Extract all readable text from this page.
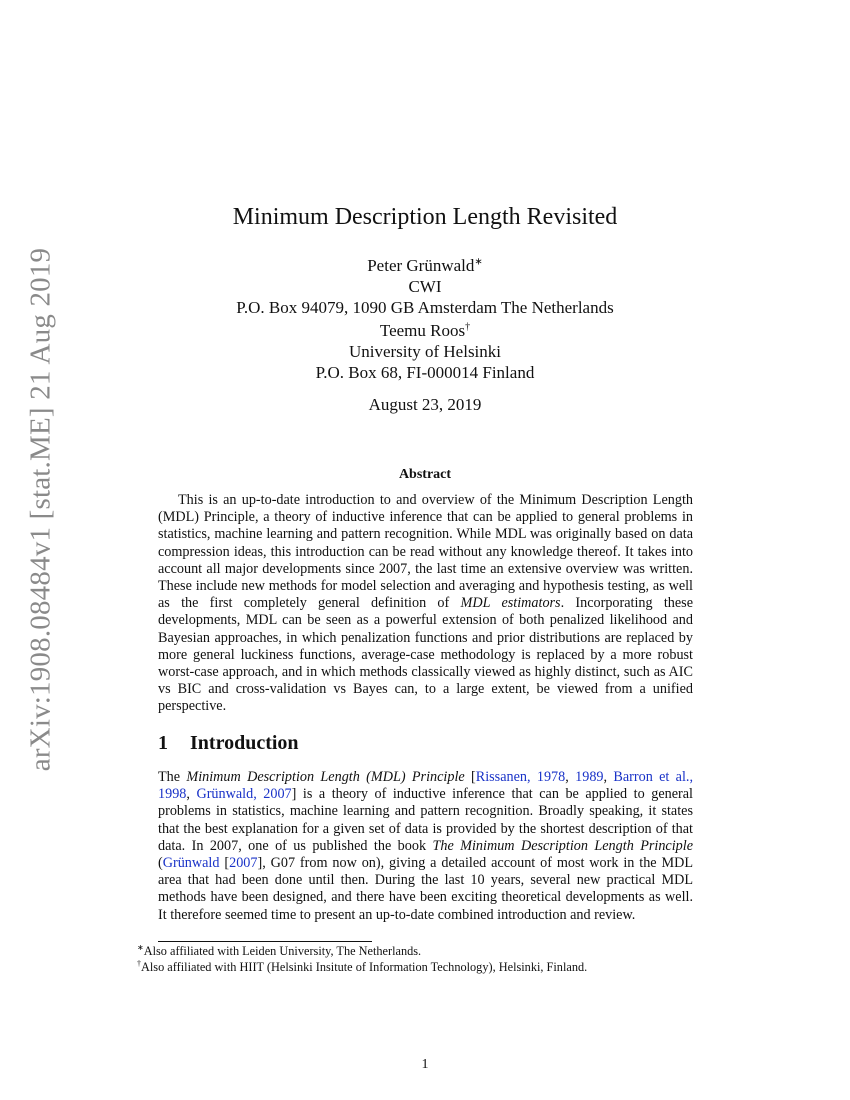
arXiv:1908.08484v1 [stat.ME] 21 Aug 2019
Minimum Description Length Revisited
Peter Grünwald∗
CWI
P.O. Box 94079, 1090 GB Amsterdam The Netherlands
Teemu Roos†
University of Helsinki
P.O. Box 68, FI-000014 Finland
August 23, 2019
Abstract

This is an up-to-date introduction to and overview of the Minimum Description Length (MDL) Principle, a theory of inductive inference that can be applied to general problems in statistics, machine learning and pattern recognition. While MDL was originally based on data compression ideas, this introduction can be read without any knowledge thereof. It takes into account all major developments since 2007, the last time an extensive overview was written. These include new methods for model selection and averaging and hypothesis testing, as well as the first completely general definition of MDL estimators. Incorporating these developments, MDL can be seen as a powerful extension of both penalized likelihood and Bayesian approaches, in which penalization functions and prior distributions are replaced by more general luckiness functions, average-case methodology is replaced by a more robust worst-case approach, and in which methods classically viewed as highly distinct, such as AIC vs BIC and cross-validation vs Bayes can, to a large extent, be viewed from a unified perspective.

1 Introduction

The Minimum Description Length (MDL) Principle [Rissanen, 1978, 1989, Barron et al., 1998, Grünwald, 2007] is a theory of inductive inference that can be applied to general problems in statistics, machine learning and pattern recognition. Broadly speaking, it states that the best explanation for a given set of data is provided by the shortest description of that data. In 2007, one of us published the book The Minimum Description Length Principle (Grünwald [2007], G07 from now on), giving a detailed account of most work in the MDL area that had been done until then. During the last 10 years, several new practical MDL methods have been designed, and there have been exciting theoretical developments as well. It therefore seemed time to present an up-to-date combined introduction and review.

∗Also affiliated with Leiden University, The Netherlands.
†Also affiliated with HIIT (Helsinki Insitute of Information Technology), Helsinki, Finland.
1
